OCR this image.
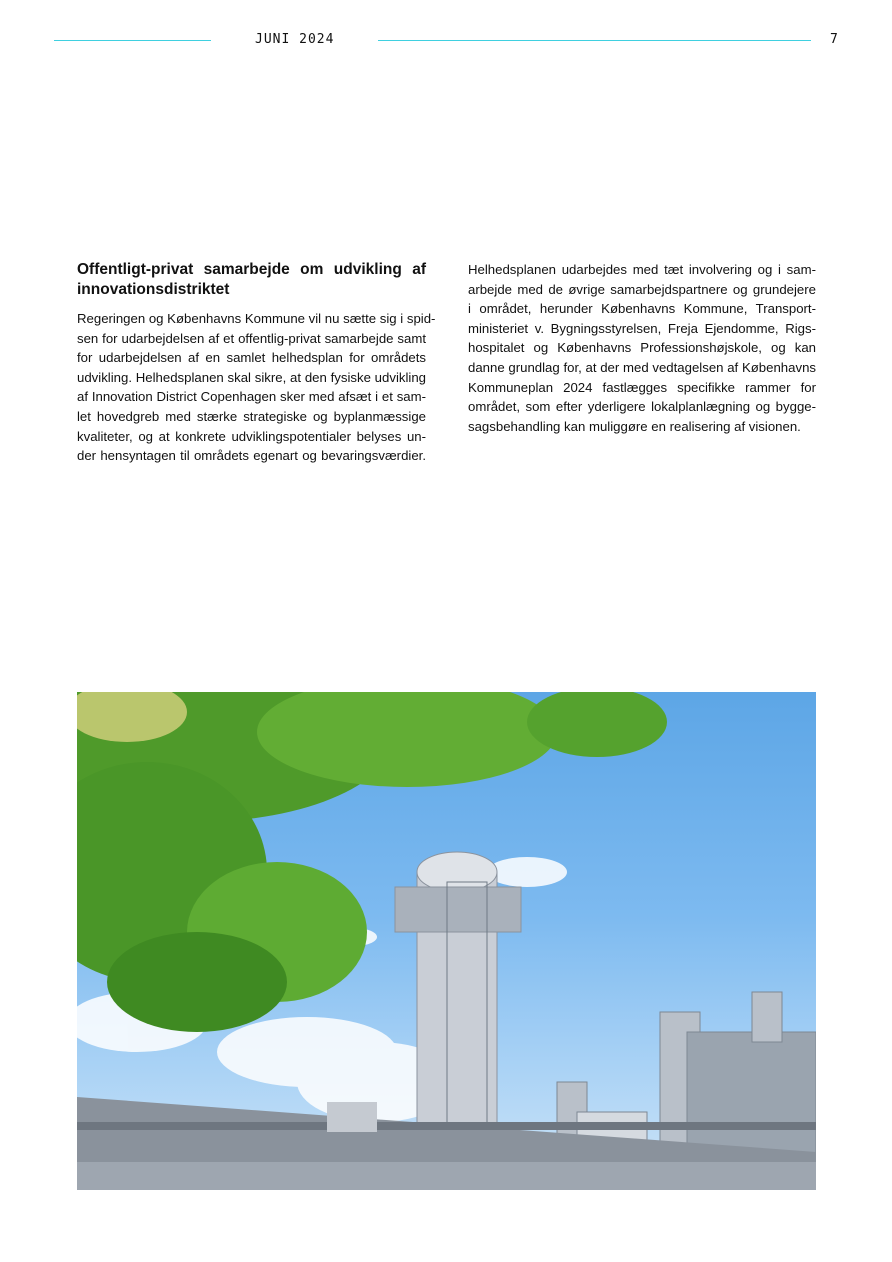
JUNI 2024	7
Offentligt-privat samarbejde om udvikling af
innovationsdistriktet
Regeringen og Københavns Kommune vil nu sætte sig i spid-
sen for udarbejdelsen af et offentlig-privat samarbejde samt
for udarbejdelsen af en samlet helhedsplan for områdets
udvikling. Helhedsplanen skal sikre, at den fysiske udvikling
af Innovation District Copenhagen sker med afsæt i et sam-
let hovedgreb med stærke strategiske og byplanmæssige
kvaliteter, og at konkrete udviklingspotentialer belyses un-
der hensyntagen til områdets egenart og bevaringsværdier.
Helhedsplanen udarbejdes med tæt involvering og i sam-
arbejde med de øvrige samarbejdspartnere og grundejere
i området, herunder Københavns Kommune, Transport-
ministeriet v. Bygningsstyrelsen, Freja Ejendomme, Rigs-
hospitalet og Københavns Professionshøjskole, og kan
danne grundlag for, at der med vedtagelsen af Københavns
Kommuneplan 2024 fastlægges specifikke rammer for
området, som efter yderligere lokalplanlægning og bygge-
sagsbehandling kan muliggøre en realisering af visionen.
